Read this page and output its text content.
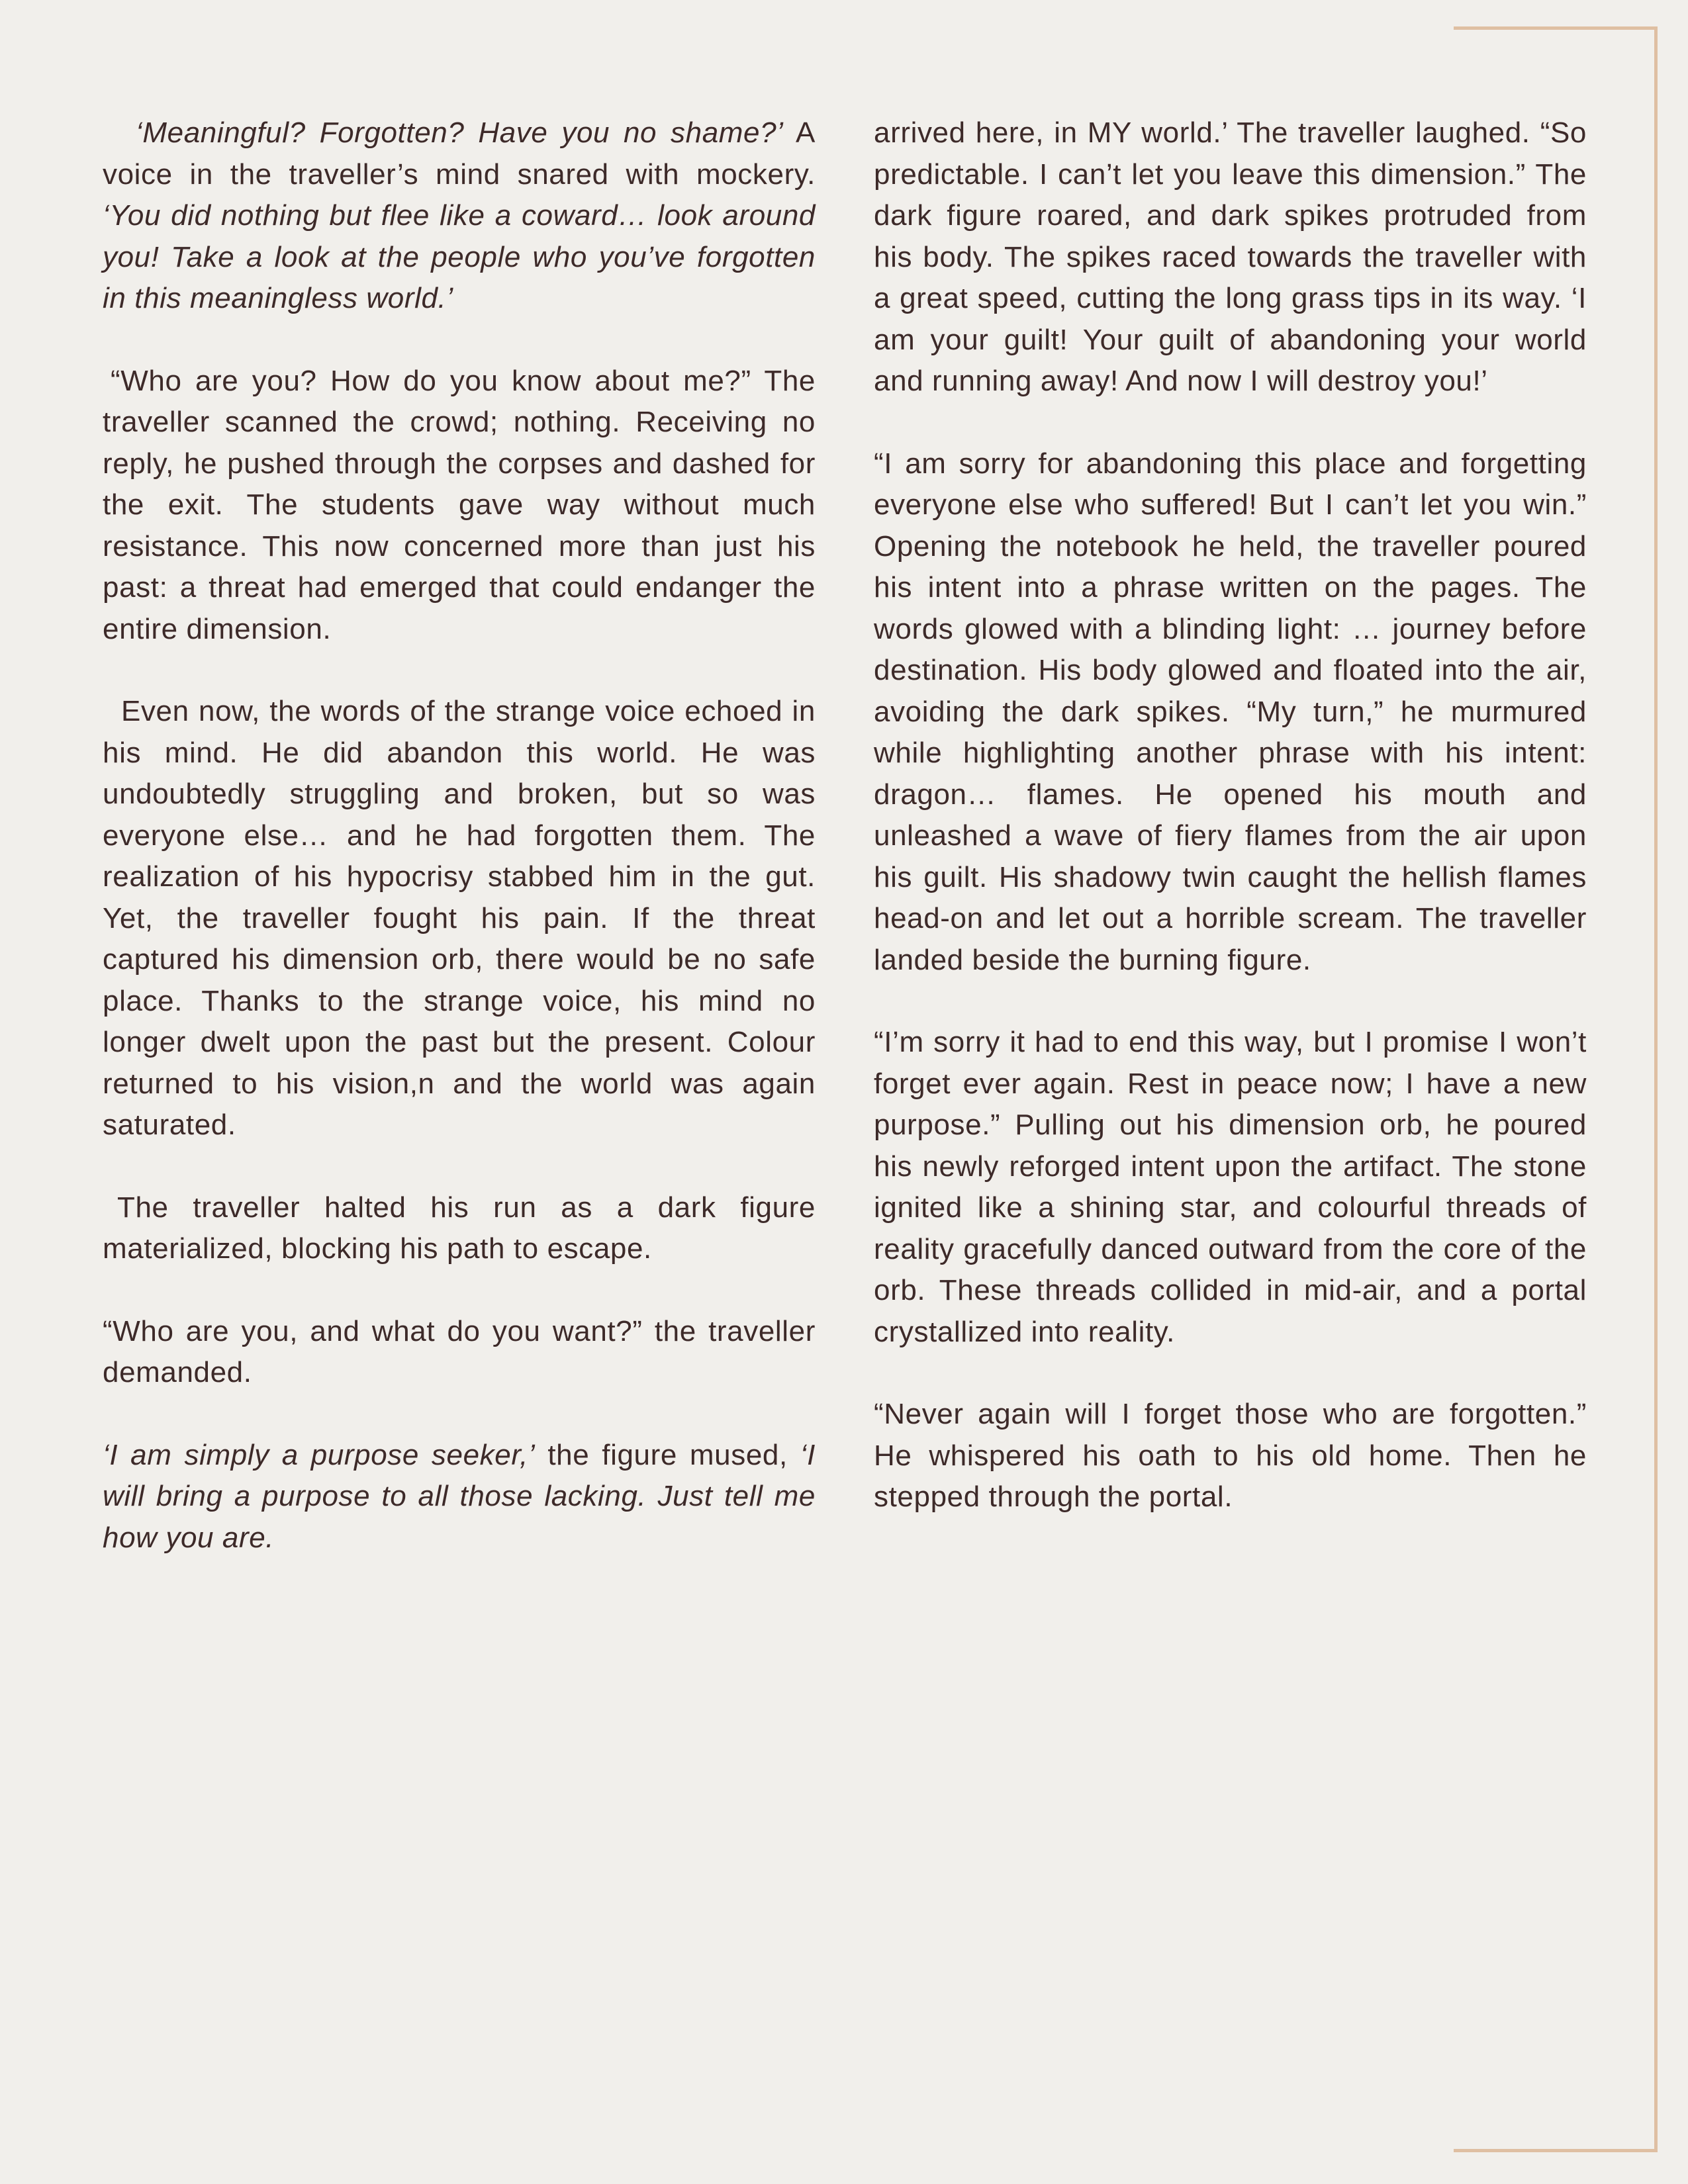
‘Meaningful? Forgotten? Have you no shame?’ A voice in the traveller’s mind snared with mockery. ‘You did nothing but flee like a coward… look around you! Take a look at the people who you’ve forgotten in this meaningless world.’

“Who are you? How do you know about me?” The traveller scanned the crowd; nothing. Receiving no reply, he pushed through the corpses and dashed for the exit. The students gave way without much resistance. This now concerned more than just his past: a threat had emerged that could endanger the entire dimension.

Even now, the words of the strange voice echoed in his mind. He did abandon this world. He was undoubtedly struggling and broken, but so was everyone else… and he had forgotten them. The realization of his hypocrisy stabbed him in the gut. Yet, the traveller fought his pain. If the threat captured his dimension orb, there would be no safe place. Thanks to the strange voice, his mind no longer dwelt upon the past but the present. Colour returned to his vision,n and the world was again saturated.

The traveller halted his run as a dark figure materialized, blocking his path to escape.

“Who are you, and what do you want?” the traveller demanded.

‘I am simply a purpose seeker,’ the figure mused, ‘I will bring a purpose to all those lacking. Just tell me how you are.

arrived here, in MY world.’ The traveller laughed. “So predictable. I can’t let you leave this dimension.” The dark figure roared, and dark spikes protruded from his body. The spikes raced towards the traveller with a great speed, cutting the long grass tips in its way. ‘I am your guilt! Your guilt of abandoning your world and running away! And now I will destroy you!’

“I am sorry for abandoning this place and forgetting everyone else who suffered! But I can’t let you win.” Opening the notebook he held, the traveller poured his intent into a phrase written on the pages. The words glowed with a blinding light: … journey before destination. His body glowed and floated into the air, avoiding the dark spikes. “My turn,” he murmured while highlighting another phrase with his intent: dragon… flames. He opened his mouth and unleashed a wave of fiery flames from the air upon his guilt. His shadowy twin caught the hellish flames head-on and let out a horrible scream. The traveller landed beside the burning figure.

“I’m sorry it had to end this way, but I promise I won’t forget ever again. Rest in peace now; I have a new purpose.” Pulling out his dimension orb, he poured his newly reforged intent upon the artifact. The stone ignited like a shining star, and colourful threads of reality gracefully danced outward from the core of the orb. These threads collided in mid-air, and a portal crystallized into reality.

“Never again will I forget those who are forgotten.” He whispered his oath to his old home. Then he stepped through the portal.
